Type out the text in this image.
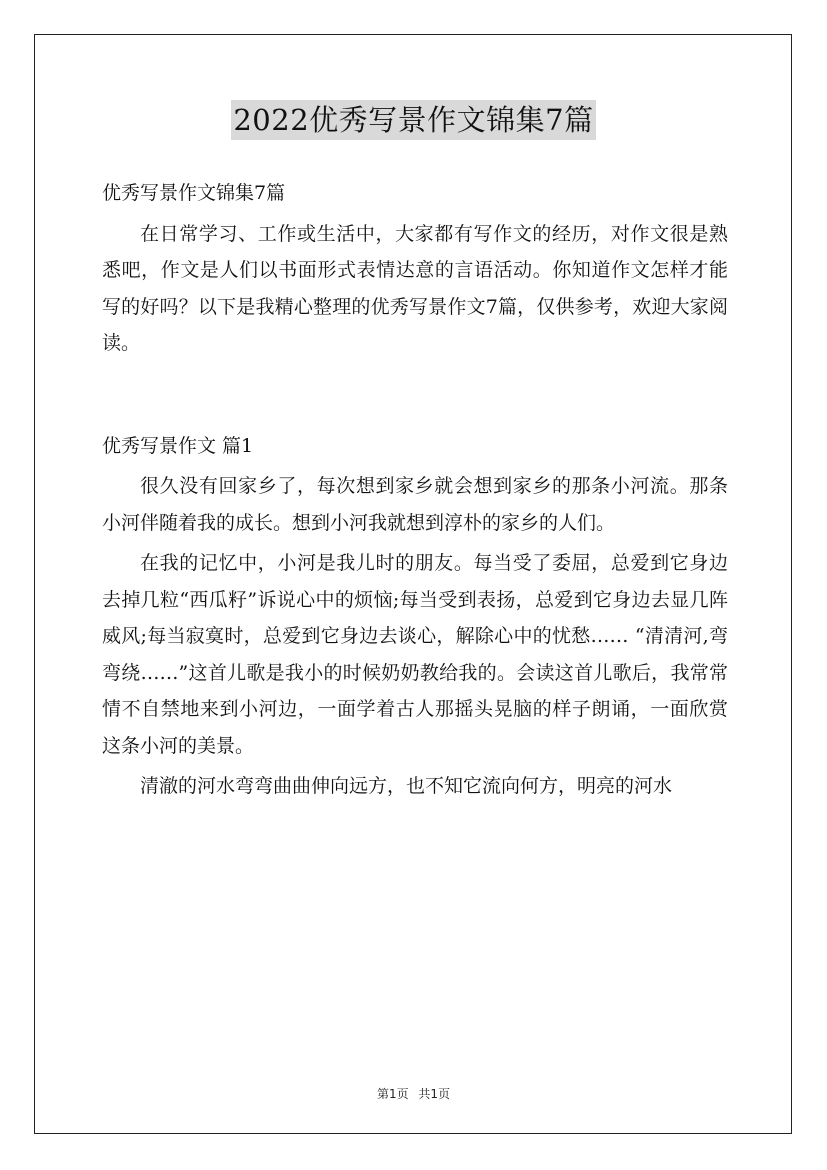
2022优秀写景作文锦集7篇

优秀写景作文锦集7篇

在日常学习、工作或生活中，大家都有写作文的经历，对作文很是熟悉吧，作文是人们以书面形式表情达意的言语活动。你知道作文怎样才能写的好吗？以下是我精心整理的优秀写景作文7篇，仅供参考，欢迎大家阅读。

优秀写景作文 篇1

很久没有回家乡了，每次想到家乡就会想到家乡的那条小河流。那条小河伴随着我的成长。想到小河我就想到淳朴的家乡的人们。

在我的记忆中，小河是我儿时的朋友。每当受了委屈，总爱到它身边去掉几粒“西瓜籽”诉说心中的烦恼;每当受到表扬，总爱到它身边去显几阵威风;每当寂寞时，总爱到它身边去谈心，解除心中的忧愁…… “清清河,弯弯绕……”这首儿歌是我小的时候奶奶教给我的。会读这首儿歌后，我常常情不自禁地来到小河边，一面学着古人那摇头晃脑的样子朗诵，一面欣赏这条小河的美景。

清澈的河水弯弯曲曲伸向远方，也不知它流向何方，明亮的河水

第1页 共1页
